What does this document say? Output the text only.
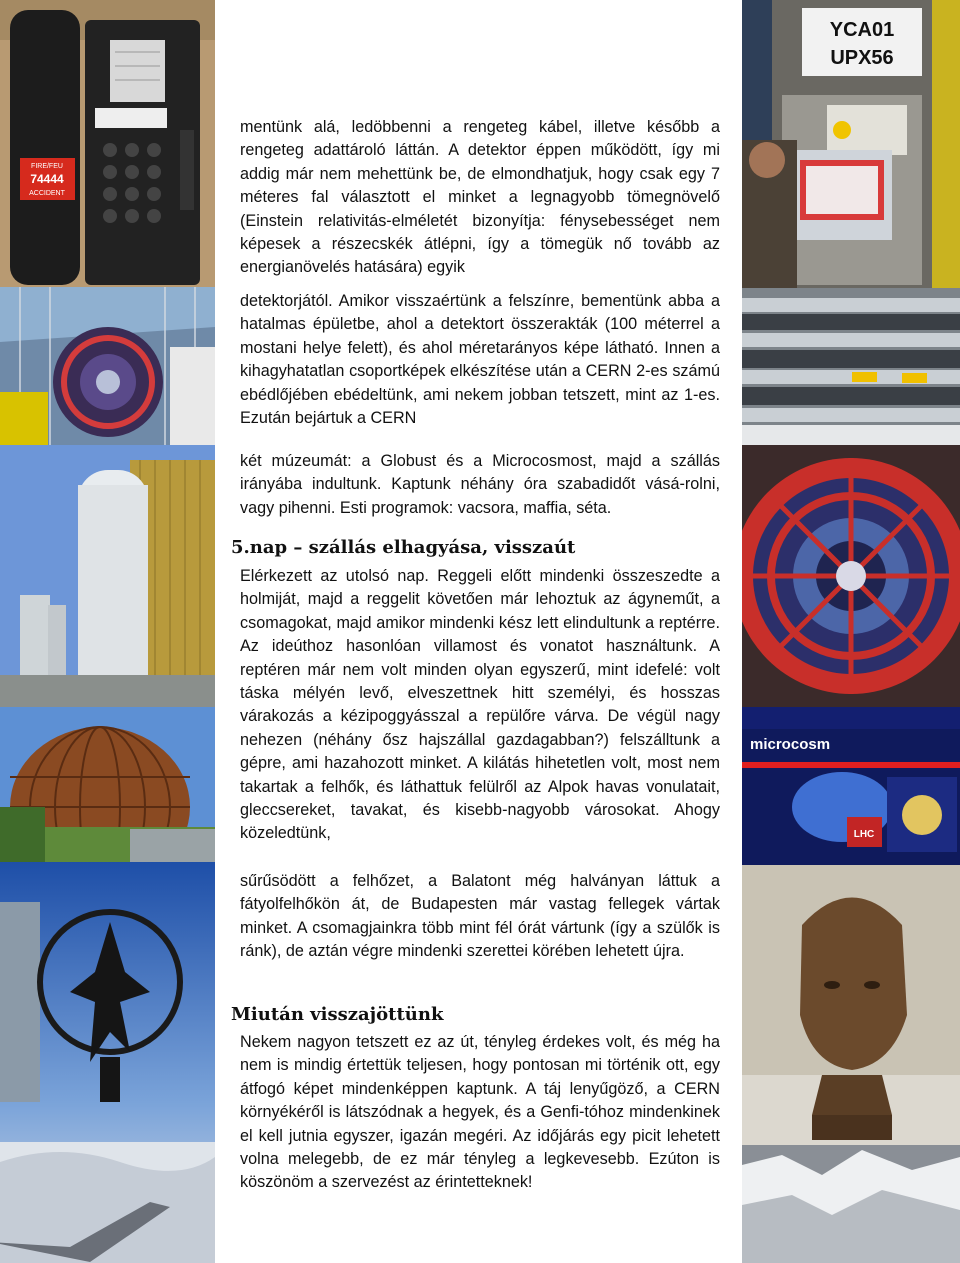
FIRE/FEU
74444
ACCIDENT
YCA01
UPX56
microcosm
LHC

mentünk alá, ledöbbenni a rengeteg kábel, illetve később a rengeteg adattároló láttán. A detektor éppen működött, így mi addig már nem mehettünk be, de elmondhatjuk, hogy csak egy 7 méteres fal választott el minket a legnagyobb tömegnövelő (Einstein relativitás-elméletét bizonyítja: fénysebességet nem képesek a részecskék átlépni, így a tömegük nő tovább az energianövelés hatására) egyik

detektorjától. Amikor visszaértünk a felszínre, bementünk abba a hatalmas épületbe, ahol a detektort összerakták (100 méterrel a mostani helye felett), és ahol méretarányos képe látható. Innen a kihagyhatatlan csoportképek elkészítése után a CERN 2-es számú ebédlőjében ebédeltünk, ami nekem jobban tetszett, mint az 1-es. Ezután bejártuk a CERN

két múzeumát: a Globust és a Microcosmost, majd a szállás irányába indultunk. Kaptunk néhány óra szabadidőt vásá-rolni, vagy pihenni. Esti programok: vacsora, maffia, séta.

5.nap – szállás elhagyása, visszaút

Elérkezett az utolsó nap. Reggeli előtt mindenki összeszedte a holmiját, majd a reggelit követően már lehoztuk az ágyneműt, a csomagokat, majd amikor mindenki kész lett elindultunk a reptérre. Az ideúthoz hasonlóan villamost és vonatot használtunk. A reptéren már nem volt minden olyan egyszerű, mint idefelé: volt táska mélyén levő, elveszettnek hitt személyi, és hosszas várakozás a kézipoggyásszal a repülőre várva. De végül nagy nehezen (néhány ősz hajszállal gazdagabban?) felszálltunk a gépre, ami hazahozott minket. A kilátás hihetetlen volt, most nem takartak a felhők, és láthattuk felülről az Alpok havas vonulatait, gleccsereket, tavakat, és kisebb-nagyobb városokat. Ahogy közeledtünk,

sűrűsödött a felhőzet, a Balatont még halványan láttuk a fátyolfelhőkön át, de Budapesten már vastag fellegek vártak minket. A csomagjainkra több mint fél órát vártunk (így a szülők is ránk), de aztán végre mindenki szerettei körében lehetett újra.

Miután visszajöttünk

Nekem nagyon tetszett ez az út, tényleg érdekes volt, és még ha nem is mindig értettük teljesen, hogy pontosan mi történik ott, egy átfogó képet mindenképpen kaptunk. A táj lenyűgöző, a CERN környékéről is látszódnak a hegyek, és a Genfi-tóhoz mindenkinek el kell jutnia egyszer, igazán megéri. Az időjárás egy picit lehetett volna melegebb, de ez már tényleg a legkevesebb. Ezúton is köszönöm a szervezést az érintetteknek!
